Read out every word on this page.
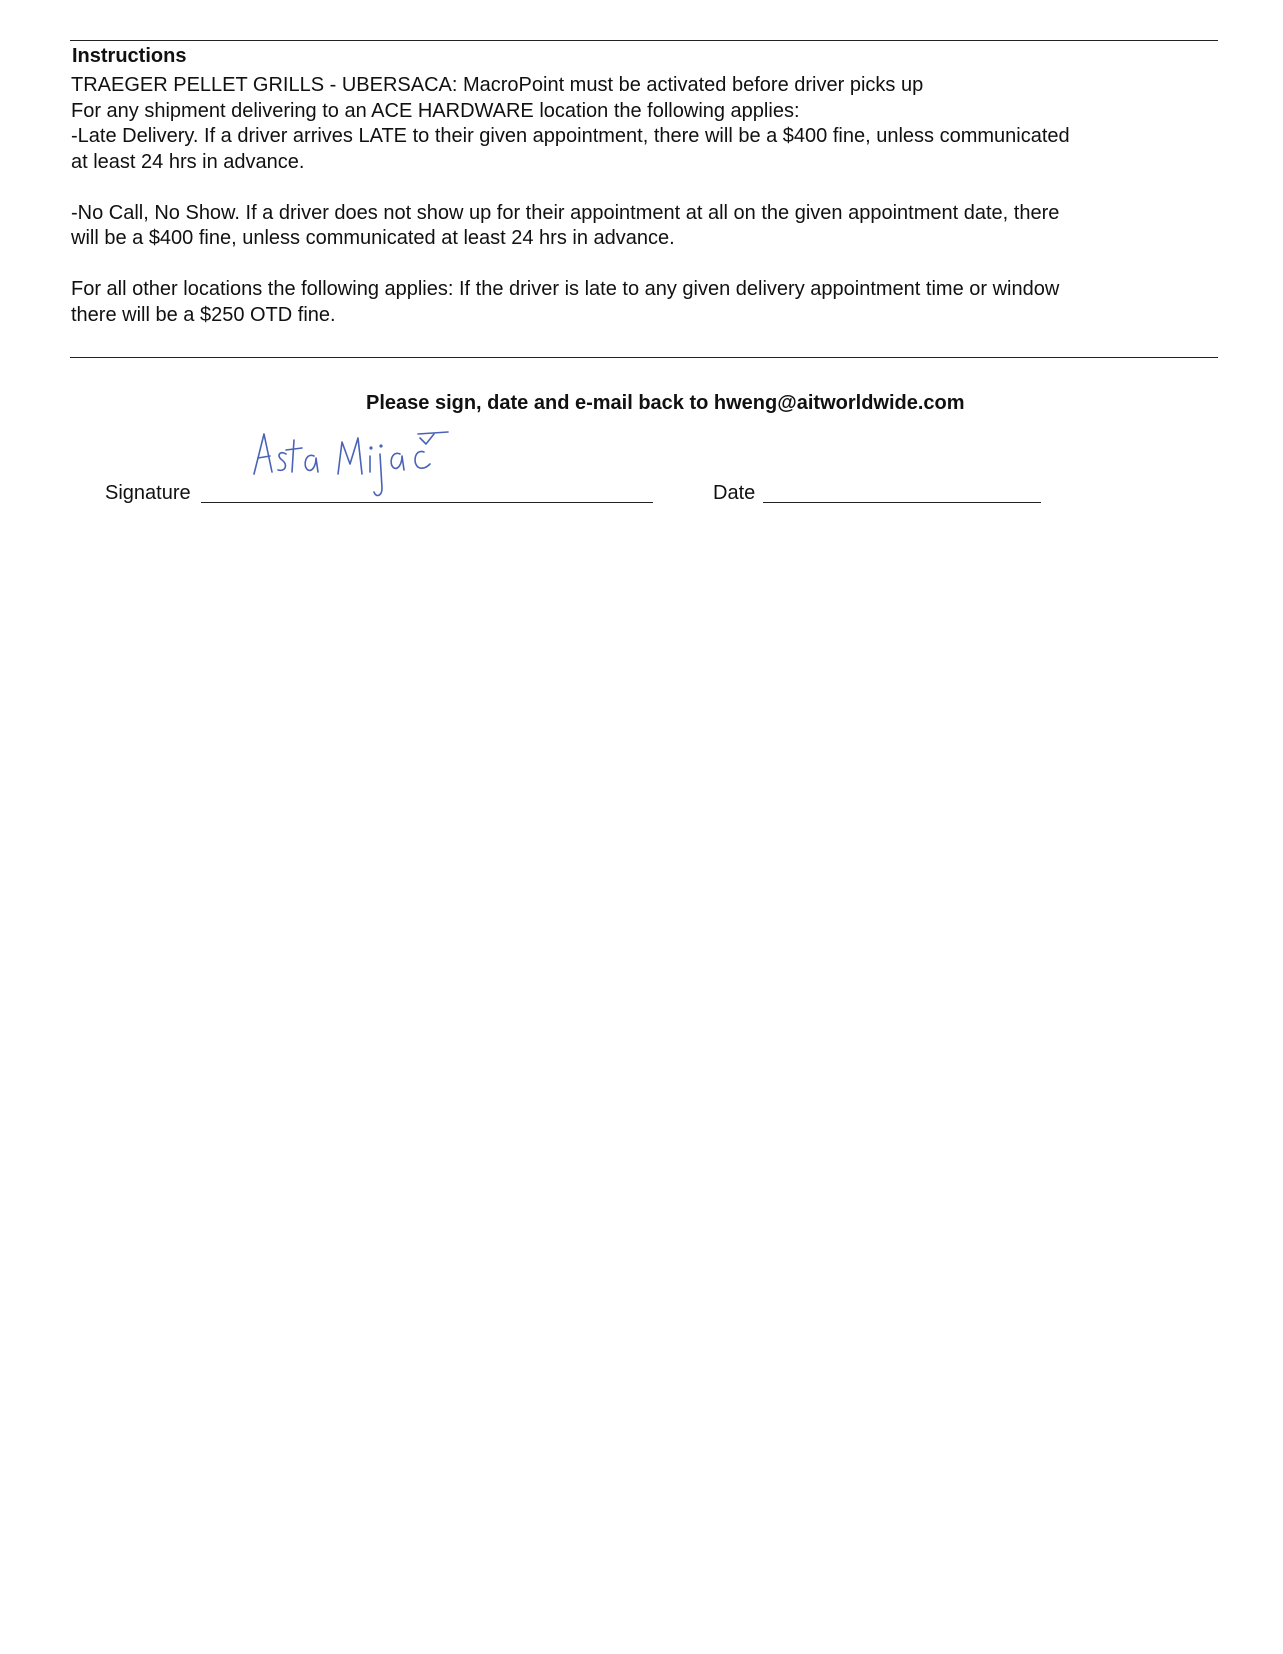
Instructions
TRAEGER PELLET GRILLS - UBERSACA: MacroPoint must be activated before driver picks up
For any shipment delivering to an ACE HARDWARE location the following applies:
-Late Delivery. If a driver arrives LATE to their given appointment, there will be a $400 fine, unless communicated
at least 24 hrs in advance.
-No Call, No Show. If a driver does not show up for their appointment at all on the given appointment date, there
will be a $400 fine, unless communicated at least 24 hrs in advance.
For all other locations the following applies: If the driver is late to any given delivery appointment time or window
there will be a $250 OTD fine.
Please sign, date and e-mail back to hweng@aitworldwide.com
Signature	Date
